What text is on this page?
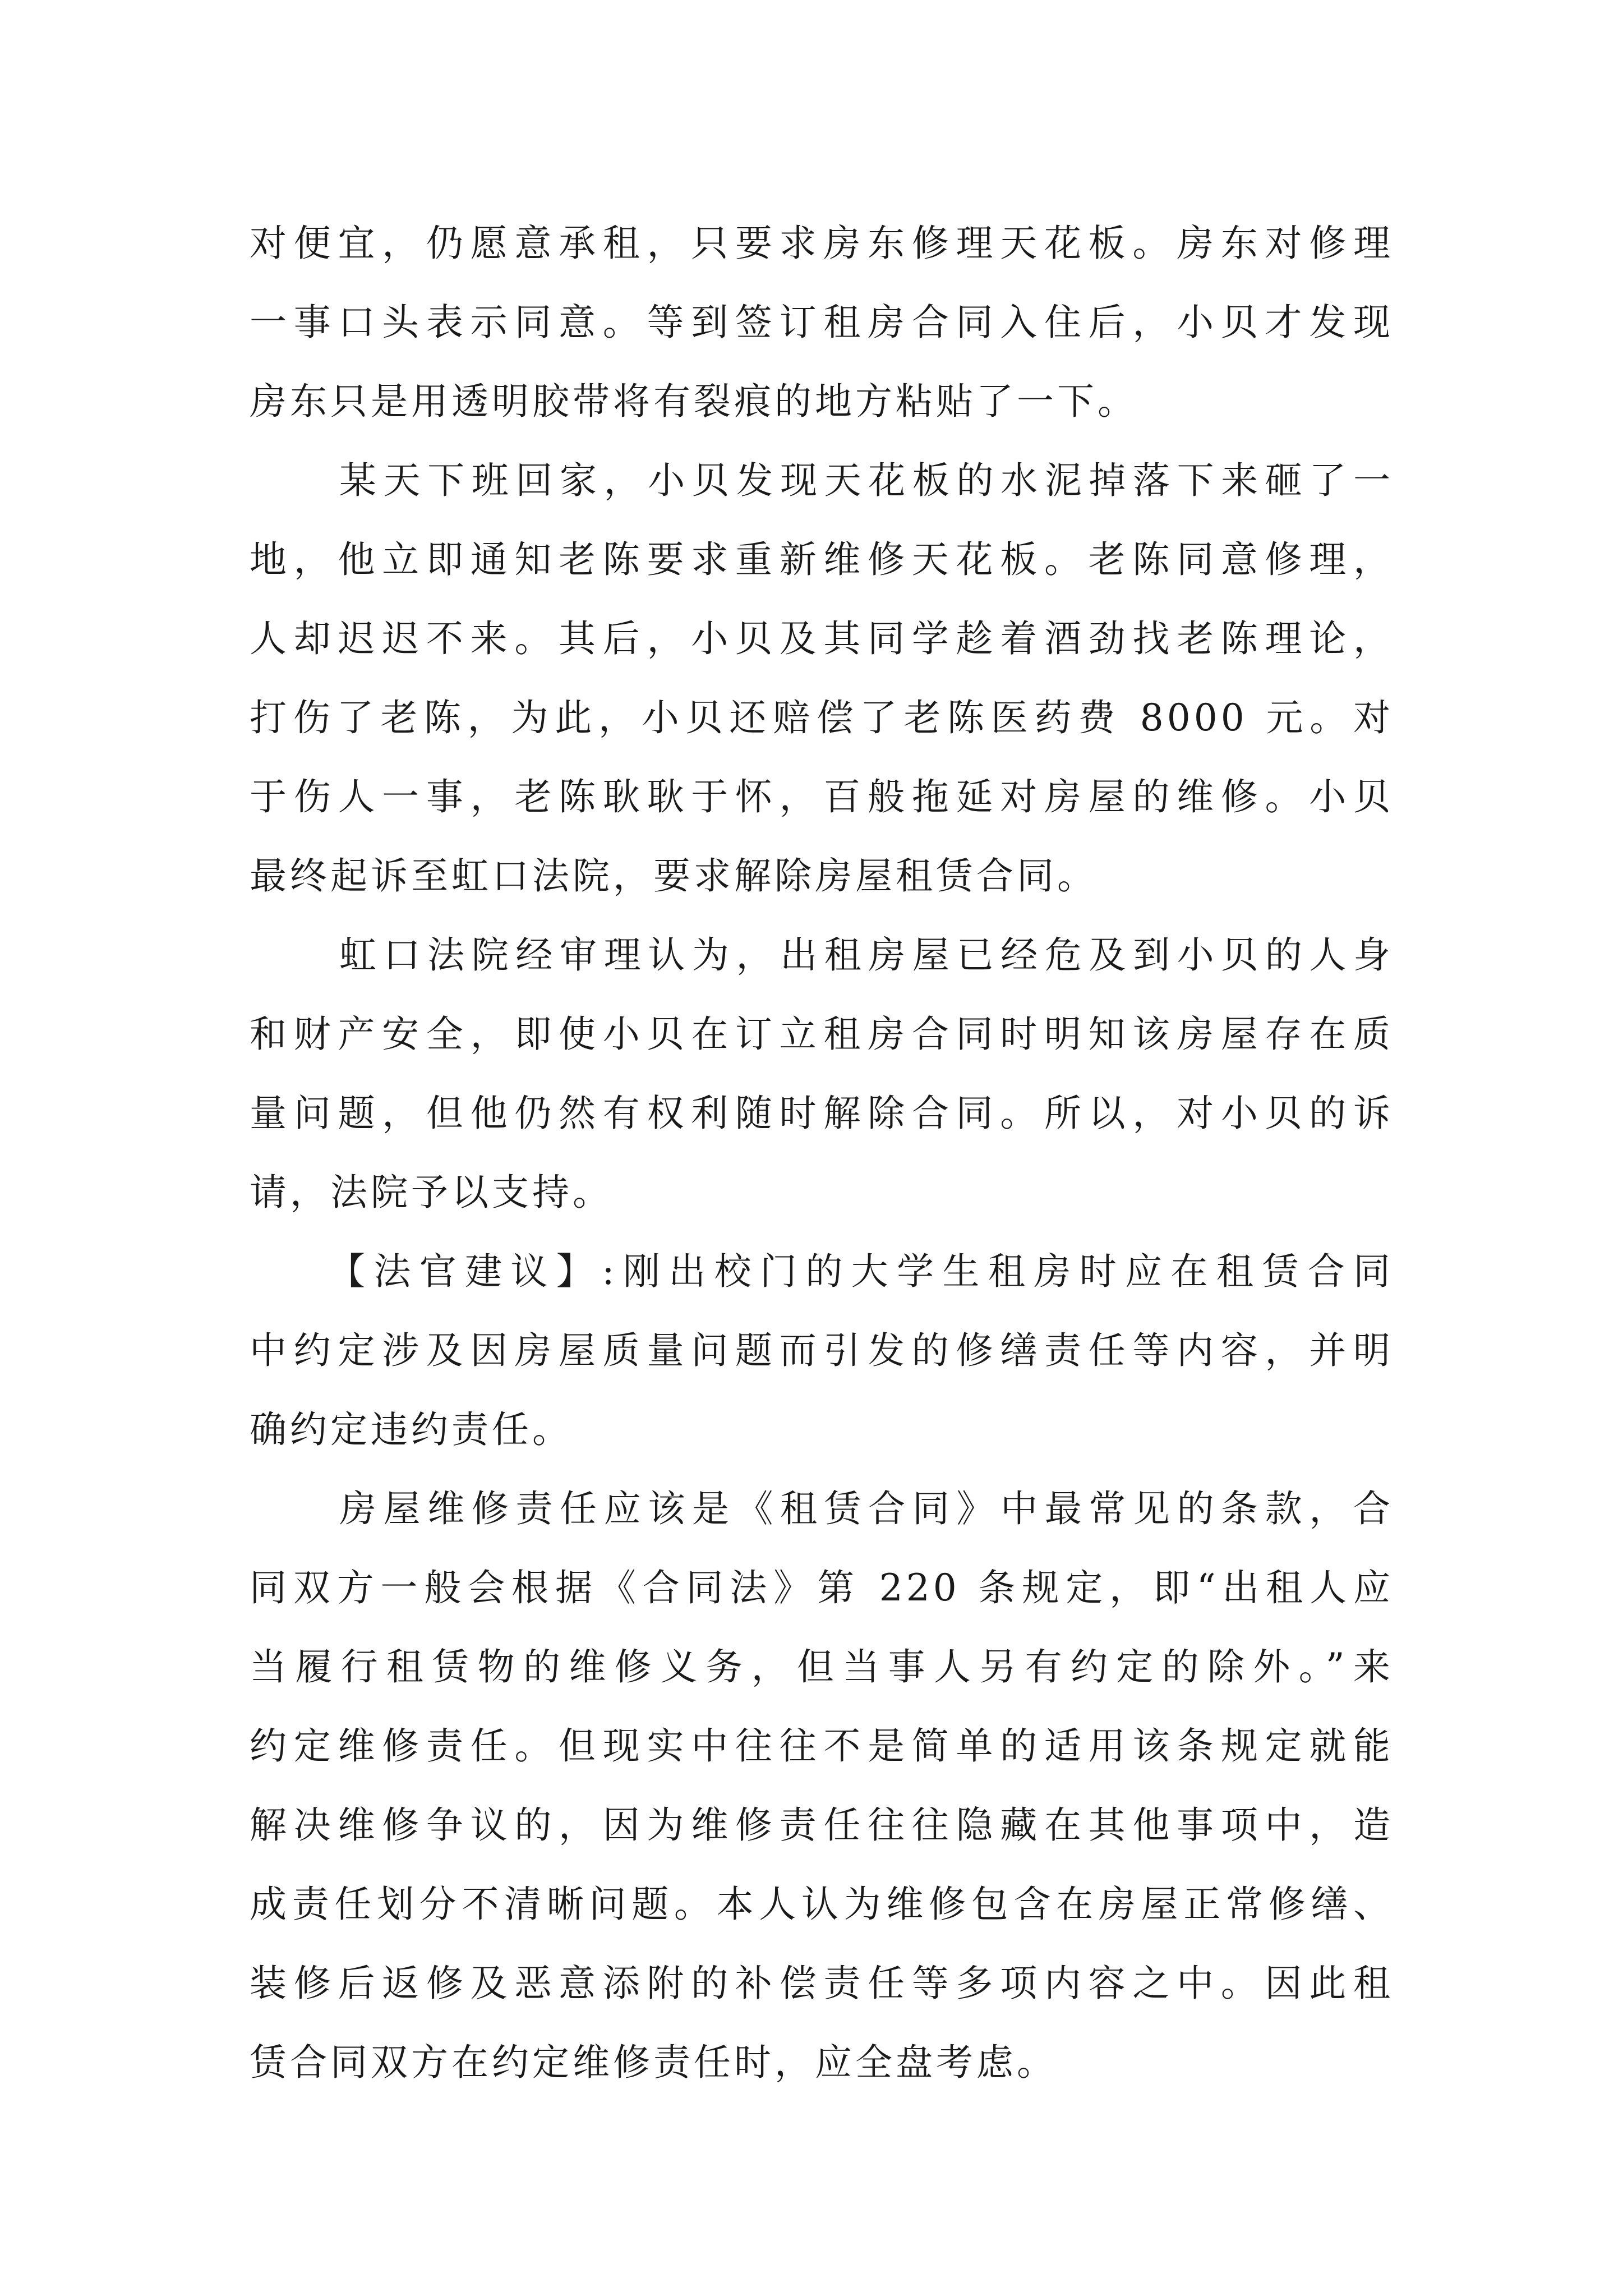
对便宜，仍愿意承租，只要求房东修理天花板。房东对修理
一事口头表示同意。等到签订租房合同入住后，小贝才发现
房东只是用透明胶带将有裂痕的地方粘贴了一下。
某天下班回家，小贝发现天花板的水泥掉落下来砸了一
地，他立即通知老陈要求重新维修天花板。老陈同意修理，
人却迟迟不来。其后，小贝及其同学趁着酒劲找老陈理论，
打伤了老陈，为此，小贝还赔偿了老陈医药费 8000 元。对
于伤人一事，老陈耿耿于怀，百般拖延对房屋的维修。小贝
最终起诉至虹口法院，要求解除房屋租赁合同。
虹口法院经审理认为，出租房屋已经危及到小贝的人身
和财产安全，即使小贝在订立租房合同时明知该房屋存在质
量问题，但他仍然有权利随时解除合同。所以，对小贝的诉
请，法院予以支持。
【法官建议】:刚出校门的大学生租房时应在租赁合同
中约定涉及因房屋质量问题而引发的修缮责任等内容，并明
确约定违约责任。
房屋维修责任应该是《租赁合同》中最常见的条款，合
同双方一般会根据《合同法》第 220 条规定，即“出租人应
当履行租赁物的维修义务，但当事人另有约定的除外。”来
约定维修责任。但现实中往往不是简单的适用该条规定就能
解决维修争议的，因为维修责任往往隐藏在其他事项中，造
成责任划分不清晰问题。本人认为维修包含在房屋正常修缮、
装修后返修及恶意添附的补偿责任等多项内容之中。因此租
赁合同双方在约定维修责任时，应全盘考虑。
